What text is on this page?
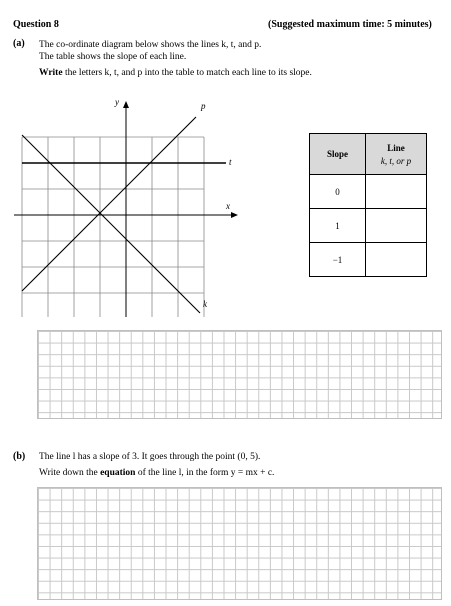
Question 8	(Suggested maximum time: 5 minutes)
(a) The co-ordinate diagram below shows the lines k, t, and p.
The table shows the slope of each line.
Write the letters k, t, and p into the table to match each line to its slope.
y	p
t
x
k
Slope	Line
k, t, or p

0	
1	
−1	
(b) The line l has a slope of 3. It goes through the point (0, 5).
Write down the equation of the line l, in the form y = mx + c.
